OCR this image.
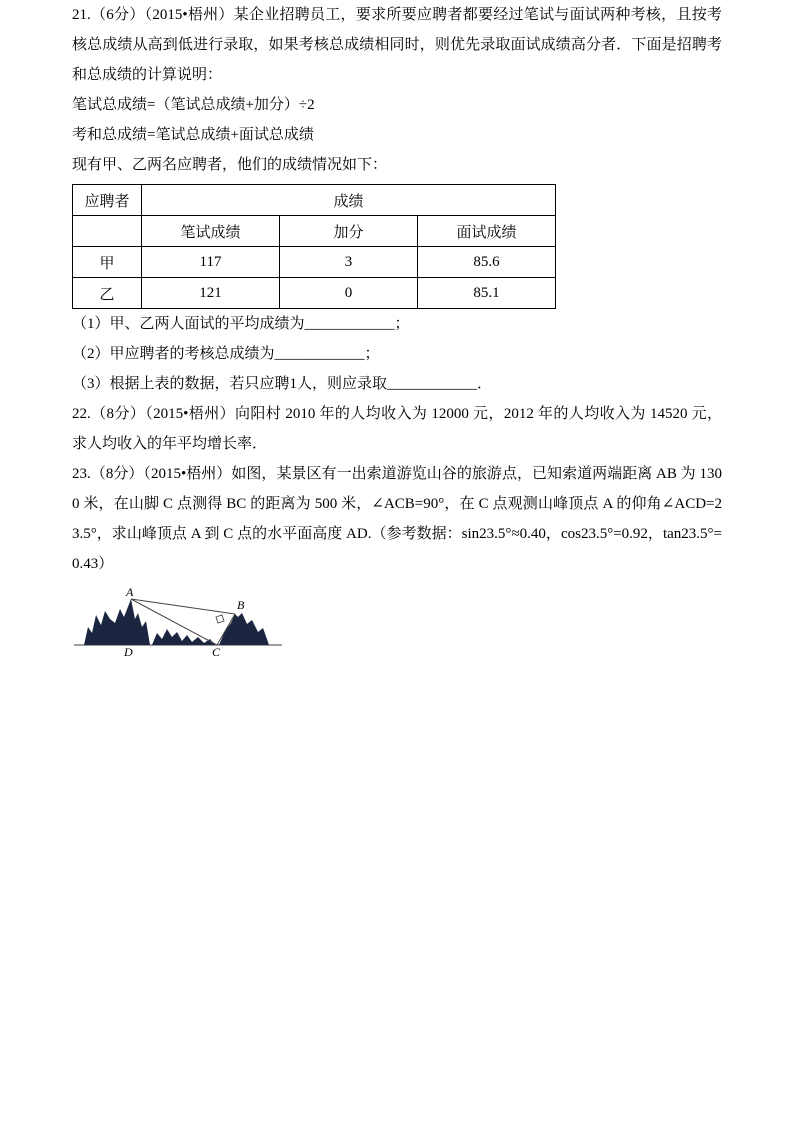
21.（6分）（2015•梧州）某企业招聘员工，要求所要应聘者都要经过笔试与面试两种考核，且按考核总成绩从高到低进行录取，如果考核总成绩相同时，则优先录取面试成绩高分者．下面是招聘考和总成绩的计算说明：

笔试总成绩=（笔试总成绩+加分）÷2

考和总成绩=笔试总成绩+面试总成绩

现有甲、乙两名应聘者，他们的成绩情况如下：

应聘者	成绩		
	笔试成绩	加分	面试成绩
甲	117	3	85.6
乙	121	0	85.1

（1）甲、乙两人面试的平均成绩为____________；

（2）甲应聘者的考核总成绩为____________；

（3）根据上表的数据，若只应聘1人，则应录取____________．

22.（8分）（2015•梧州）向阳村 2010 年的人均收入为 12000 元，2012 年的人均收入为 14520 元，求人均收入的年平均增长率．

23.（8分）（2015•梧州）如图，某景区有一出索道游览山谷的旅游点，已知索道两端距离 AB 为 1300 米，在山脚 C 点测得 BC 的距离为 500 米，∠ACB=90°，在 C 点观测山峰顶点 A 的仰角∠ACD=23.5°，求山峰顶点 A 到 C 点的水平面高度 AD.（参考数据：sin23.5°≈0.40，cos23.5°=0.92，tan23.5°=0.43）

A
B
C
D
